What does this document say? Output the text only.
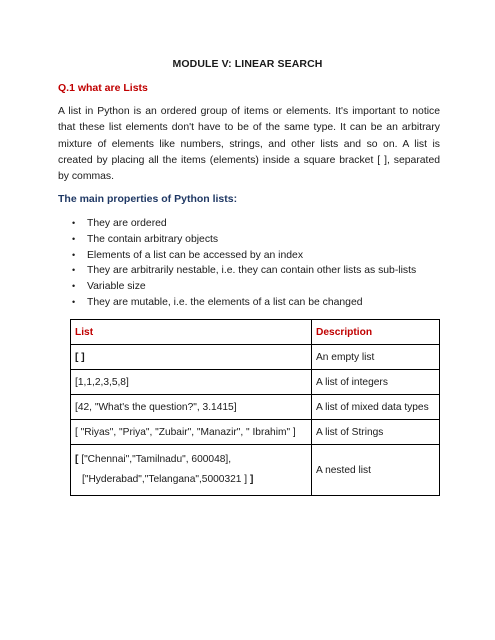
MODULE V: LINEAR SEARCH
Q.1 what are Lists

A list in Python is an ordered group of items or elements. It's important to notice that these list elements don't have to be of the same type. It can be an arbitrary mixture of elements like numbers, strings, and other lists and so on. A list is created by placing all the items (elements) inside a square bracket [ ], separated by commas.

The main properties of Python lists:
• They are ordered
• The contain arbitrary objects
• Elements of a list can be accessed by an index
• They are arbitrarily nestable, i.e. they can contain other lists as sub-lists
• Variable size
• They are mutable, i.e. the elements of a list can be changed
List	Description
[ ]	An empty list
[1,1,2,3,5,8]	A list of integers
[42, "What's the question?", 3.1415]	A list of mixed data types
[ "Riyas", "Priya", "Zubair", "Manazir", " Ibrahim" ]	A list of Strings

[ ["Chennai","Tamilnadu", 600048],
["Hyderabad","Telangana",5000321 ] ]	A nested list
